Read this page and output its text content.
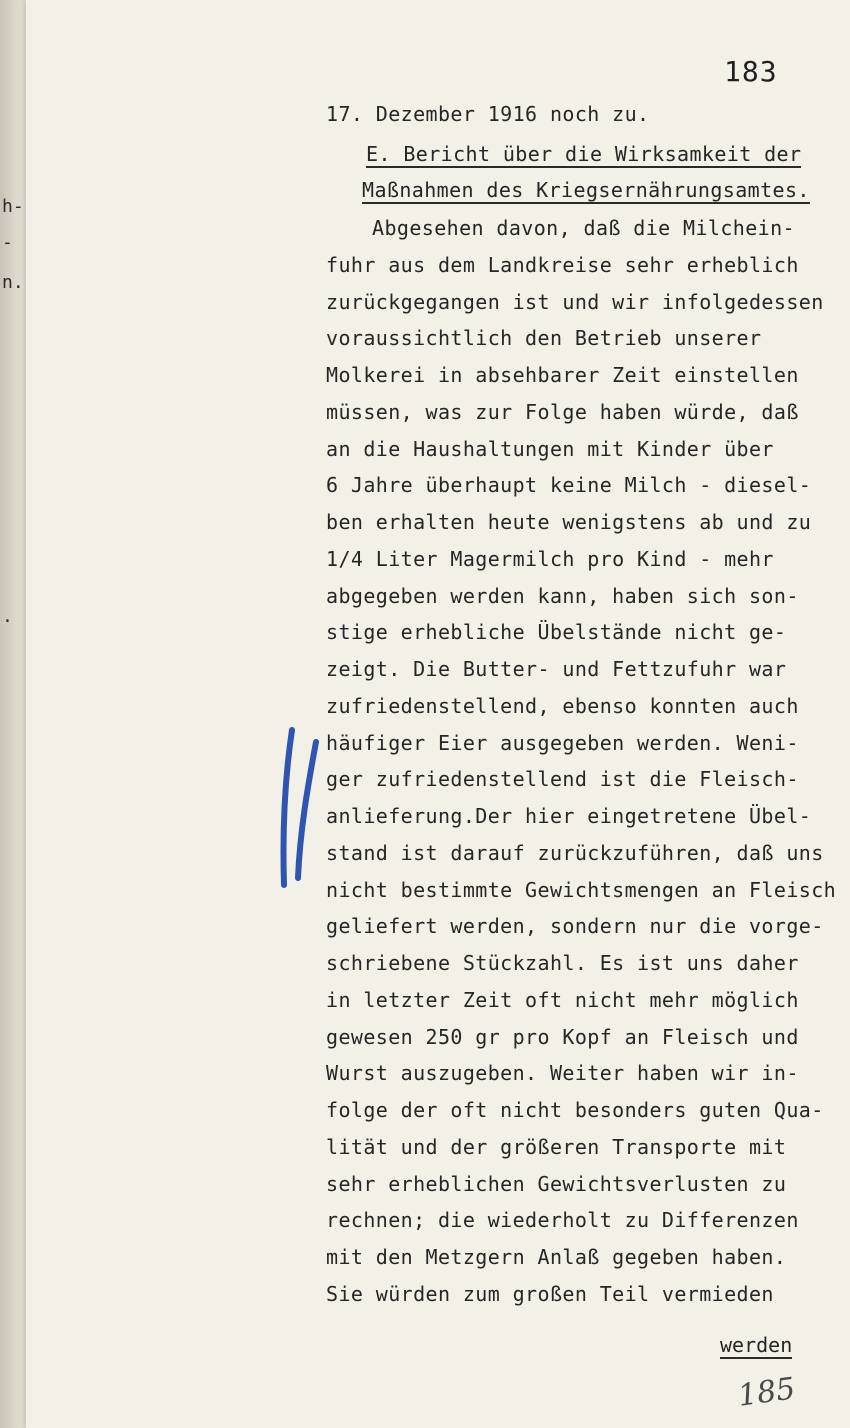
h-
-
n.
.
183
17. Dezember 1916 noch zu.
E. Bericht über die Wirksamkeit der
Maßnahmen des Kriegsernährungsamtes.
Abgesehen davon, daß die Milchein-
fuhr aus dem Landkreise sehr erheblich
zurückgegangen ist und wir infolgedessen
voraussichtlich den Betrieb unserer
Molkerei in absehbarer Zeit einstellen
müssen, was zur Folge haben würde, daß
an die Haushaltungen mit Kinder über
6 Jahre überhaupt keine Milch - diesel-
ben erhalten heute wenigstens ab und zu
1/4 Liter Magermilch pro Kind - mehr
abgegeben werden kann, haben sich son-
stige erhebliche Übelstände nicht ge-
zeigt. Die Butter- und Fettzufuhr war
zufriedenstellend, ebenso konnten auch
häufiger Eier ausgegeben werden. Weni-
ger zufriedenstellend ist die Fleisch-
anlieferung.Der hier eingetretene Übel-
stand ist darauf zurückzuführen, daß uns
nicht bestimmte Gewichtsmengen an Fleisch
geliefert werden, sondern nur die vorge-
schriebene Stückzahl. Es ist uns daher
in letzter Zeit oft nicht mehr möglich
gewesen 250 gr pro Kopf an Fleisch und
Wurst auszugeben. Weiter haben wir in-
folge der oft nicht besonders guten Qua-
lität und der größeren Transporte mit
sehr erheblichen Gewichtsverlusten zu
rechnen; die wiederholt zu Differenzen
mit den Metzgern Anlaß gegeben haben.
Sie würden zum großen Teil vermieden
werden
185
